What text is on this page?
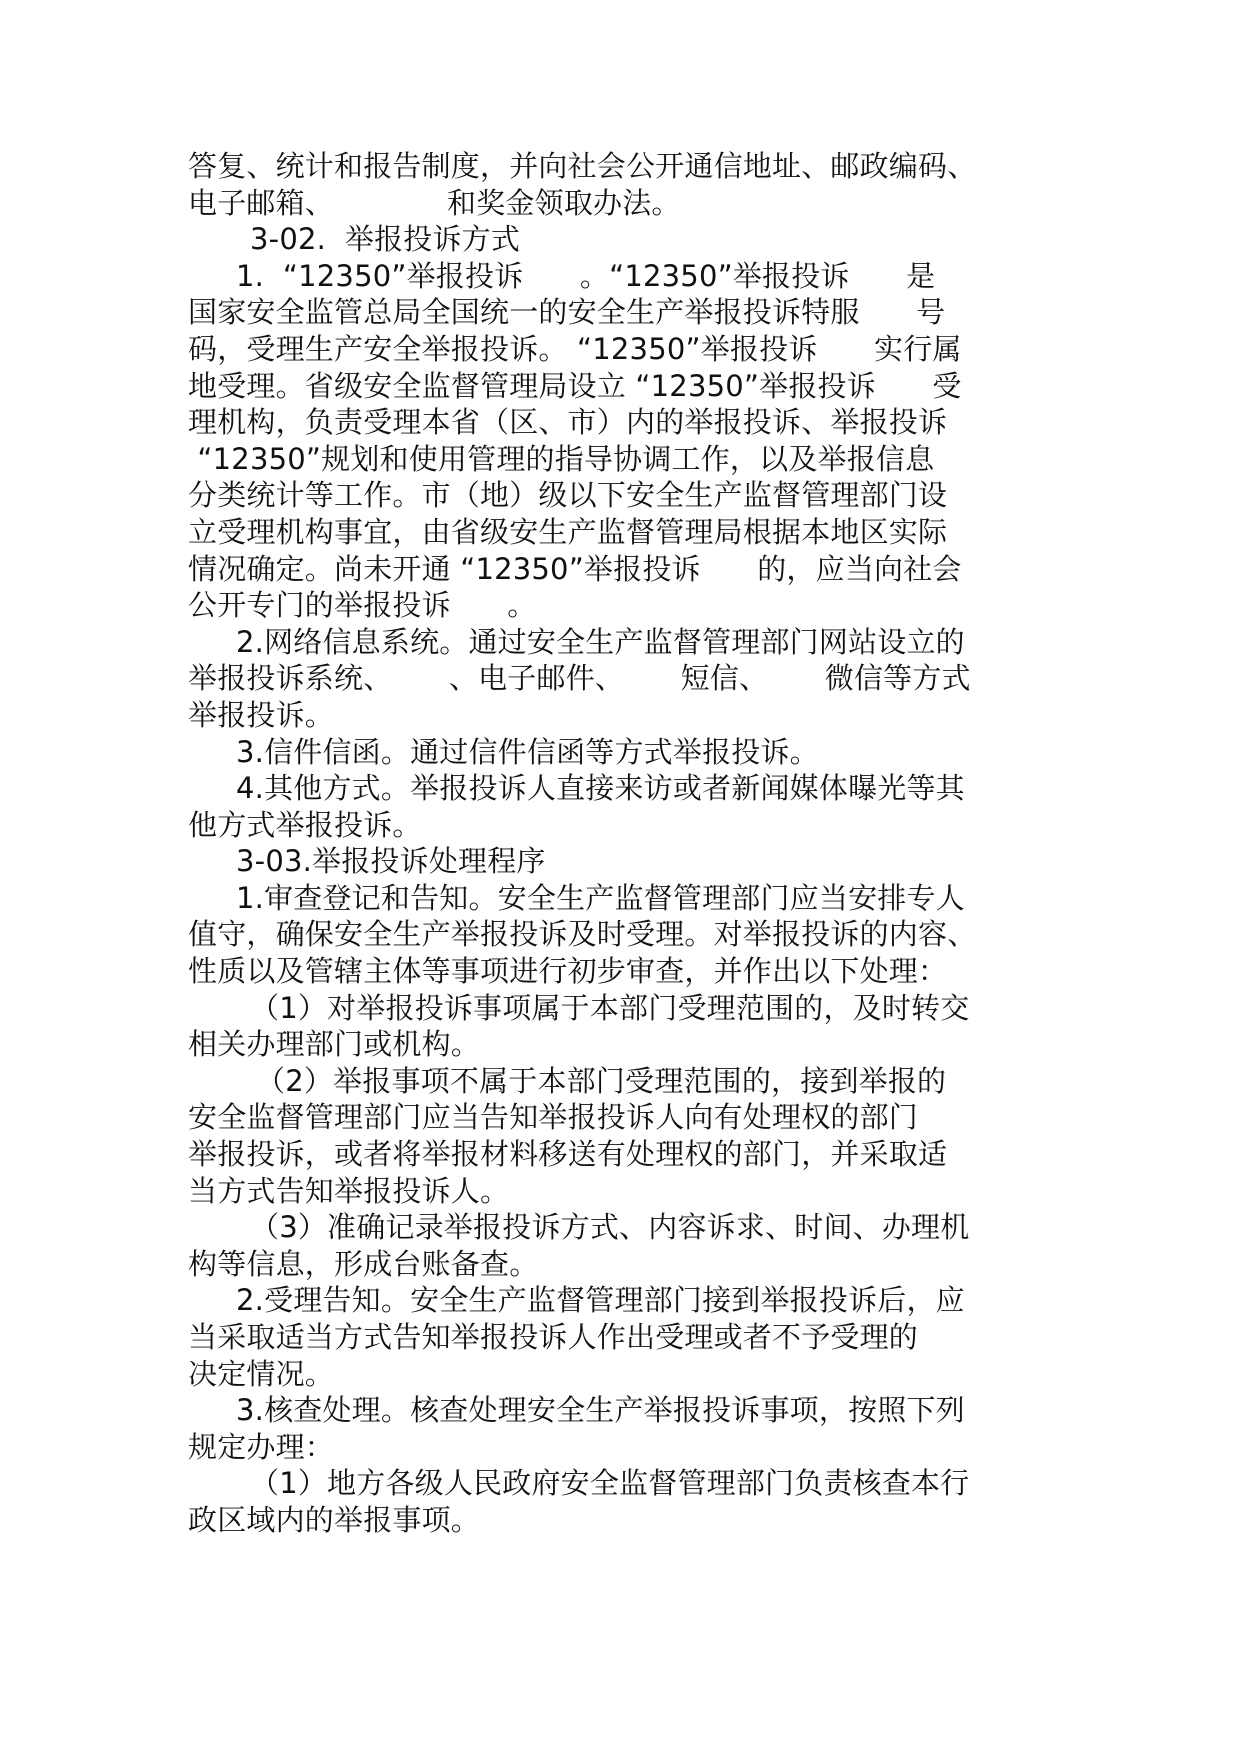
答复、统计和报告制度，并向社会公开通信地址、邮政编码、
电子邮箱、            和奖金领取办法。
3-02.  举报投诉方式
1.  “12350”举报投诉      。“12350”举报投诉      是
国家安全监管总局全国统一的安全生产举报投诉特服      号
码，受理生产安全举报投诉。 “12350”举报投诉      实行属
地受理。省级安全监督管理局设立 “12350”举报投诉      受
理机构，负责受理本省（区、市）内的举报投诉、举报投诉
“12350”规划和使用管理的指导协调工作，以及举报信息
分类统计等工作。市（地）级以下安全生产监督管理部门设
立受理机构事宜，由省级安生产监督管理局根据本地区实际
情况确定。尚未开通 “12350”举报投诉      的，应当向社会
公开专门的举报投诉      。
2.网络信息系统。通过安全生产监督管理部门网站设立的
举报投诉系统、      、电子邮件、      短信、      微信等方式
举报投诉。
3.信件信函。通过信件信函等方式举报投诉。
4.其他方式。举报投诉人直接来访或者新闻媒体曝光等其
他方式举报投诉。
3-03.举报投诉处理程序
1.审查登记和告知。安全生产监督管理部门应当安排专人
值守，确保安全生产举报投诉及时受理。对举报投诉的内容、
性质以及管辖主体等事项进行初步审查，并作出以下处理：
（1）对举报投诉事项属于本部门受理范围的，及时转交
相关办理部门或机构。
（2）举报事项不属于本部门受理范围的，接到举报的
安全监督管理部门应当告知举报投诉人向有处理权的部门
举报投诉，或者将举报材料移送有处理权的部门，并采取适
当方式告知举报投诉人。
（3）准确记录举报投诉方式、内容诉求、时间、办理机
构等信息，形成台账备查。
2.受理告知。安全生产监督管理部门接到举报投诉后，应
当采取适当方式告知举报投诉人作出受理或者不予受理的
决定情况。
3.核查处理。核查处理安全生产举报投诉事项，按照下列
规定办理：
（1）地方各级人民政府安全监督管理部门负责核查本行
政区域内的举报事项。
